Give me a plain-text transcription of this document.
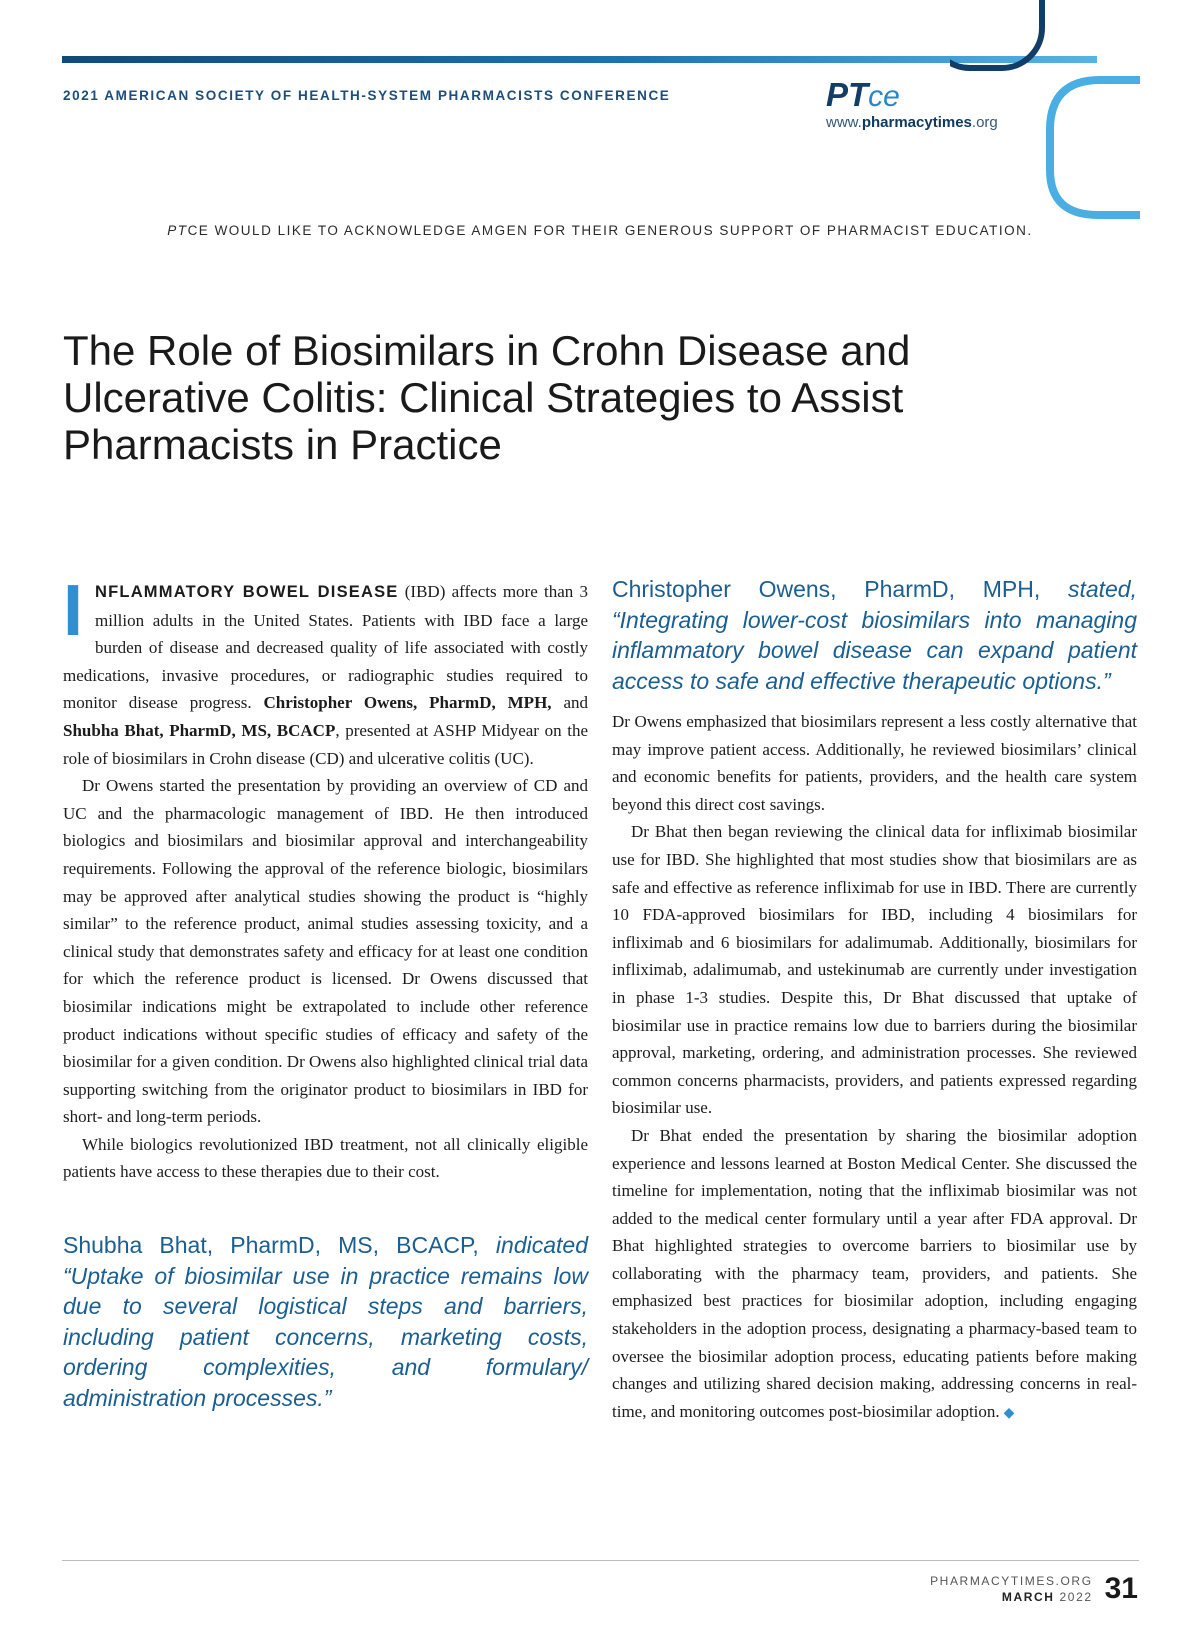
2021 AMERICAN SOCIETY OF HEALTH-SYSTEM PHARMACISTS CONFERENCE	PTce
www.pharmacytimes.org
PTCE WOULD LIKE TO ACKNOWLEDGE AMGEN FOR THEIR GENEROUS SUPPORT OF PHARMACIST EDUCATION.
The Role of Biosimilars in Crohn Disease and
Ulcerative Colitis: Clinical Strategies to Assist
Pharmacists in Practice

INFLAMMATORY BOWEL DISEASE (IBD) affects more than 3 million adults in the United States. Patients with IBD face a large burden of disease and decreased quality of life associated with costly medications, invasive procedures, or radiographic studies required to monitor disease progress. Christopher Owens, PharmD, MPH, and Shubha Bhat, PharmD, MS, BCACP, presented at ASHP Midyear on the role of biosimilars in Crohn disease (CD) and ulcerative colitis (UC).

Dr Owens started the presentation by providing an overview of CD and UC and the pharmacologic management of IBD. He then introduced biologics and biosimilars and biosimilar approval and interchangeability requirements. Following the approval of the reference biologic, biosimilars may be approved after analytical studies showing the product is “highly similar” to the reference product, animal studies assessing toxicity, and a clinical study that demonstrates safety and efficacy for at least one condition for which the reference product is licensed. Dr Owens discussed that biosimilar indications might be extrapolated to include other reference product indications without specific studies of efficacy and safety of the biosimilar for a given condition. Dr Owens also highlighted clinical trial data supporting switching from the originator product to biosimilars in IBD for short- and long-term periods.

While biologics revolutionized IBD treatment, not all clinically eligible patients have access to these therapies due to their cost.

Shubha Bhat, PharmD, MS, BCACP, indicated “Uptake of biosimilar use in practice remains low due to several logistical steps and barriers, including patient concerns, marketing costs, ordering complexities, and formulary/ administration processes.”

Christopher Owens, PharmD, MPH, stated, “Integrating lower-cost biosimilars into managing inflammatory bowel disease can expand patient access to safe and effective therapeutic options.”

Dr Owens emphasized that biosimilars represent a less costly alternative that may improve patient access. Additionally, he reviewed biosimilars’ clinical and economic benefits for patients, providers, and the health care system beyond this direct cost savings.

Dr Bhat then began reviewing the clinical data for infliximab biosimilar use for IBD. She highlighted that most studies show that biosimilars are as safe and effective as reference infliximab for use in IBD. There are currently 10 FDA-approved biosimilars for IBD, including 4 biosimilars for infliximab and 6 biosimilars for adalimumab. Additionally, biosimilars for infliximab, adalimumab, and ustekinumab are currently under investigation in phase 1-3 studies. Despite this, Dr Bhat discussed that uptake of biosimilar use in practice remains low due to barriers during the biosimilar approval, marketing, ordering, and administration processes. She reviewed common concerns pharmacists, providers, and patients expressed regarding biosimilar use.

Dr Bhat ended the presentation by sharing the biosimilar adoption experience and lessons learned at Boston Medical Center. She discussed the timeline for implementation, noting that the infliximab biosimilar was not added to the medical center formulary until a year after FDA approval. Dr Bhat highlighted strategies to overcome barriers to biosimilar use by collaborating with the pharmacy team, providers, and patients. She emphasized best practices for biosimilar adoption, including engaging stakeholders in the adoption process, designating a pharmacy-based team to oversee the biosimilar adoption process, educating patients before making changes and utilizing shared decision making, addressing concerns in real-time, and monitoring outcomes post-biosimilar adoption. ◆

PHARMACYTIMES.ORG
MARCH 2022 31
